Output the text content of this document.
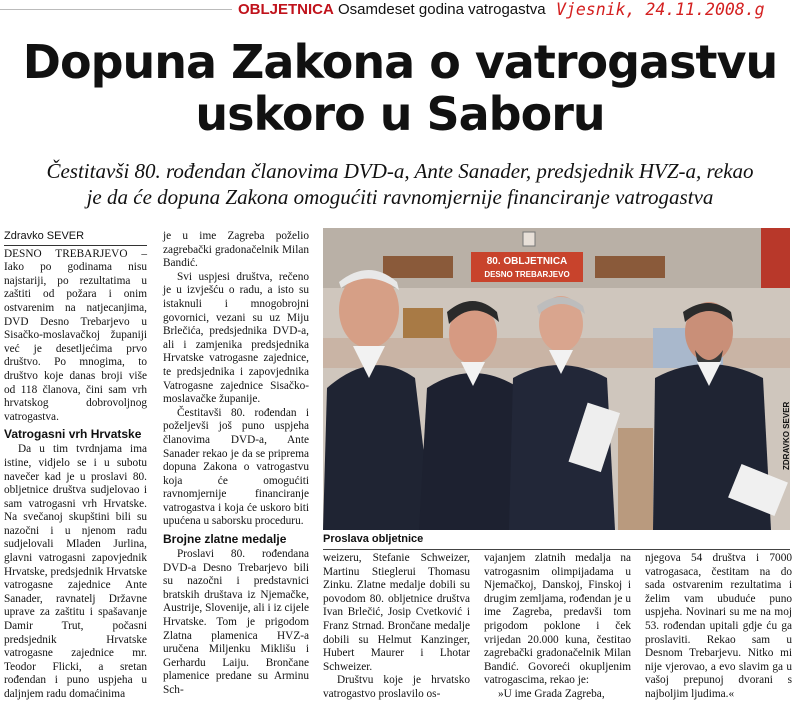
OBLJETNICA Osamdeset godina vatrogastva Vjesnik, 24.11.2008.g
Dopuna Zakona o vatrogastvu
uskoro u Saboru

Čestitavši 80. rođendan članovima DVD-a, Ante Sanader, predsjednik HVZ-a, rekao
je da će dopuna Zakona omogućiti ravnomjernije financiranje vatrogastva

Zdravko SEVER

DESNO TREBARJEVO – Iako po godinama nisu najstariji, po rezultatima u zaštiti od požara i onim ostvarenim na natjecanjima, DVD Desno Trebarjevo u Sisačko-moslavačkoj županiji već je desetljećima prvo društvo. Po mnogima, to društvo koje danas broji više od 118 članova, čini sam vrh hrvatskog dobrovoljnog vatrogastva.

Vatrogasni vrh Hrvatske

Da u tim tvrdnjama ima istine, vidjelo se i u subotu navečer kad je u proslavi 80. obljetnice društva sudjelovao i sam vatrogasni vrh Hrvatske. Na svečanoj skupštini bili su nazočni i u njenom radu sudjelovali Mladen Jurlina, glavni vatrogasni zapovjednik Hrvatske, predsjednik Hrvatske vatrogasne zajednice Ante Sanader, ravnatelj Državne uprave za zaštitu i spašavanje Damir Trut, počasni predsjednik Hrvatske vatrogasne zajednice mr. Teodor Flicki, a sretan rođendan i puno uspjeha u daljnjem radu domaćinima

je u ime Zagreba poželio zagrebački gradonačelnik Milan Bandić.

Svi uspjesi društva, rečeno je u izvješću o radu, a isto su istaknuli i mnogobrojni govornici, vezani su uz Miju Brlečića, predsjednika DVD-a, ali i zamjenika predsjednika Hrvatske vatrogasne zajednice, te predsjednika i zapovjednika Vatrogasne zajednice Sisačko-moslavačke županije.

Čestitavši 80. rođendan i poželjevši još puno uspjeha članovima DVD-a, Ante Sanader rekao je da se priprema dopuna Zakona o vatrogastvu koja će omogućiti ravnomjernije financiranje vatrogastva i koja će uskoro biti upućena u saborsku proceduru.

Brojne zlatne medalje

Proslavi 80. rođendana DVD-a Desno Trebarjevo bili su nazočni i predstavnici bratskih društava iz Njemačke, Austrije, Slovenije, ali i iz cijele Hrvatske. Tom je prigodom Zlatna plamenica HVZ-a uručena Miljenku Miklišu i Gerhardu Laiju. Brončane plamenice predane su Arminu Sch-

80. OBLJETNICA
DESNO TREBARJEVO
ZDRAVKO SEVER
Proslava obljetnice

weizeru, Stefanie Schweizer, Martinu Stieglerui Thomasu Zinku. Zlatne medalje dobili su povodom 80. obljetnice društva Ivan Brlečić, Josip Cvetković i Franz Strnad. Brončane medalje dobili su Helmut Kanzinger, Hubert Maurer i Lhotar Schweizer.

Društvu koje je hrvatsko vatrogastvo proslavilo os-

vajanjem zlatnih medalja na vatrogasnim olimpijadama u Njemačkoj, Danskoj, Finskoj i drugim zemljama, rođendan je u ime Zagreba, predavši tom prigodom poklone i ček vrijedan 20.000 kuna, čestitao zagrebački gradonačelnik Milan Bandić. Govoreći okupljenim vatrogascima, rekao je:

»U ime Grada Zagreba,

njegova 54 društva i 7000 vatrogasaca, čestitam na do sada ostvarenim rezultatima i želim vam ubuduće puno uspjeha. Novinari su me na moj 53. rođendan upitali gdje ću ga proslaviti. Rekao sam u Desnom Trebarjevu. Nitko mi nije vjerovao, a evo slavim ga u vašoj prepunoj dvorani s najboljim ljudima.«
